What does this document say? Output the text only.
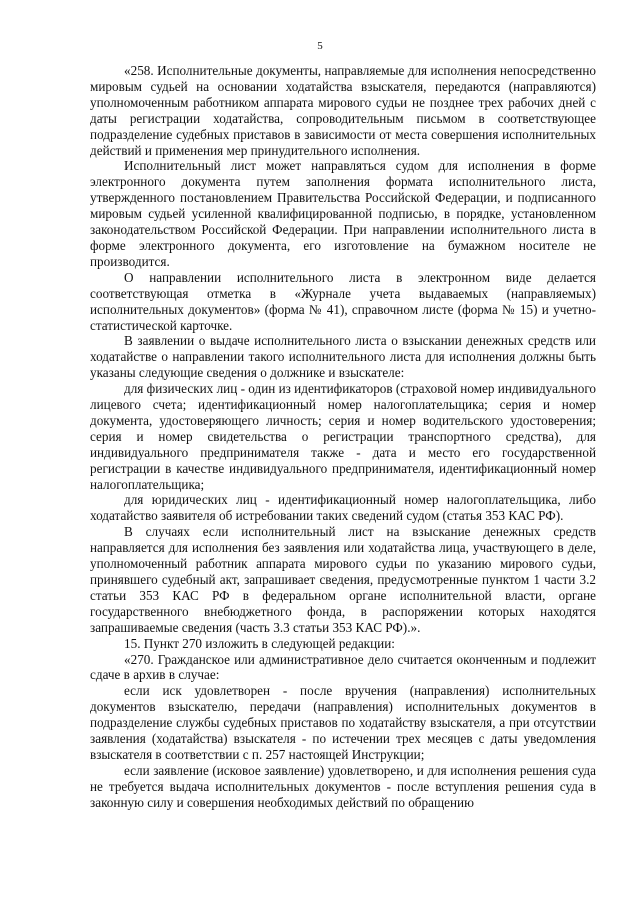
5

«258. Исполнительные документы, направляемые для исполнения непосредственно мировым судьей на основании ходатайства взыскателя, передаются (направляются) уполномоченным работником аппарата мирового судьи не позднее трех рабочих дней с даты регистрации ходатайства, сопроводительным письмом в соответствующее подразделение судебных приставов в зависимости от места совершения исполнительных действий и применения мер принудительного исполнения.

Исполнительный лист может направляться судом для исполнения в форме электронного документа путем заполнения формата исполнительного листа, утвержденного постановлением Правительства Российской Федерации, и подписанного мировым судьей усиленной квалифицированной подписью, в порядке, установленном законодательством Российской Федерации. При направлении исполнительного листа в форме электронного документа, его изготовление на бумажном носителе не производится.

О направлении исполнительного листа в электронном виде делается соответствующая отметка в «Журнале учета выдаваемых (направляемых) исполнительных документов» (форма № 41), справочном листе (форма № 15) и учетно-статистической карточке.

В заявлении о выдаче исполнительного листа о взыскании денежных средств или ходатайстве о направлении такого исполнительного листа для исполнения должны быть указаны следующие сведения о должнике и взыскателе:

для физических лиц - один из идентификаторов (страховой номер индивидуального лицевого счета; идентификационный номер налогоплательщика; серия и номер документа, удостоверяющего личность; серия и номер водительского удостоверения; серия и номер свидетельства о регистрации транспортного средства), для индивидуального предпринимателя также - дата и место его государственной регистрации в качестве индивидуального предпринимателя, идентификационный номер налогоплательщика;

для юридических лиц - идентификационный номер налогоплательщика, либо ходатайство заявителя об истребовании таких сведений судом (статья 353 КАС РФ).

В случаях если исполнительный лист на взыскание денежных средств направляется для исполнения без заявления или ходатайства лица, участвующего в деле, уполномоченный работник аппарата мирового судьи по указанию мирового судьи, принявшего судебный акт, запрашивает сведения, предусмотренные пунктом 1 части 3.2 статьи 353 КАС РФ в федеральном органе исполнительной власти, органе государственного внебюджетного фонда, в распоряжении которых находятся запрашиваемые сведения (часть 3.3 статьи 353 КАС РФ).».

15. Пункт 270 изложить в следующей редакции:

«270. Гражданское или административное дело считается оконченным и подлежит сдаче в архив в случае:

если иск удовлетворен - после вручения (направления) исполнительных документов взыскателю, передачи (направления) исполнительных документов в подразделение службы судебных приставов по ходатайству взыскателя, а при отсутствии заявления (ходатайства) взыскателя - по истечении трех месяцев с даты уведомления взыскателя в соответствии с п. 257 настоящей Инструкции;

если заявление (исковое заявление) удовлетворено, и для исполнения решения суда не требуется выдача исполнительных документов - после вступления решения суда в законную силу и совершения необходимых действий по обращению
